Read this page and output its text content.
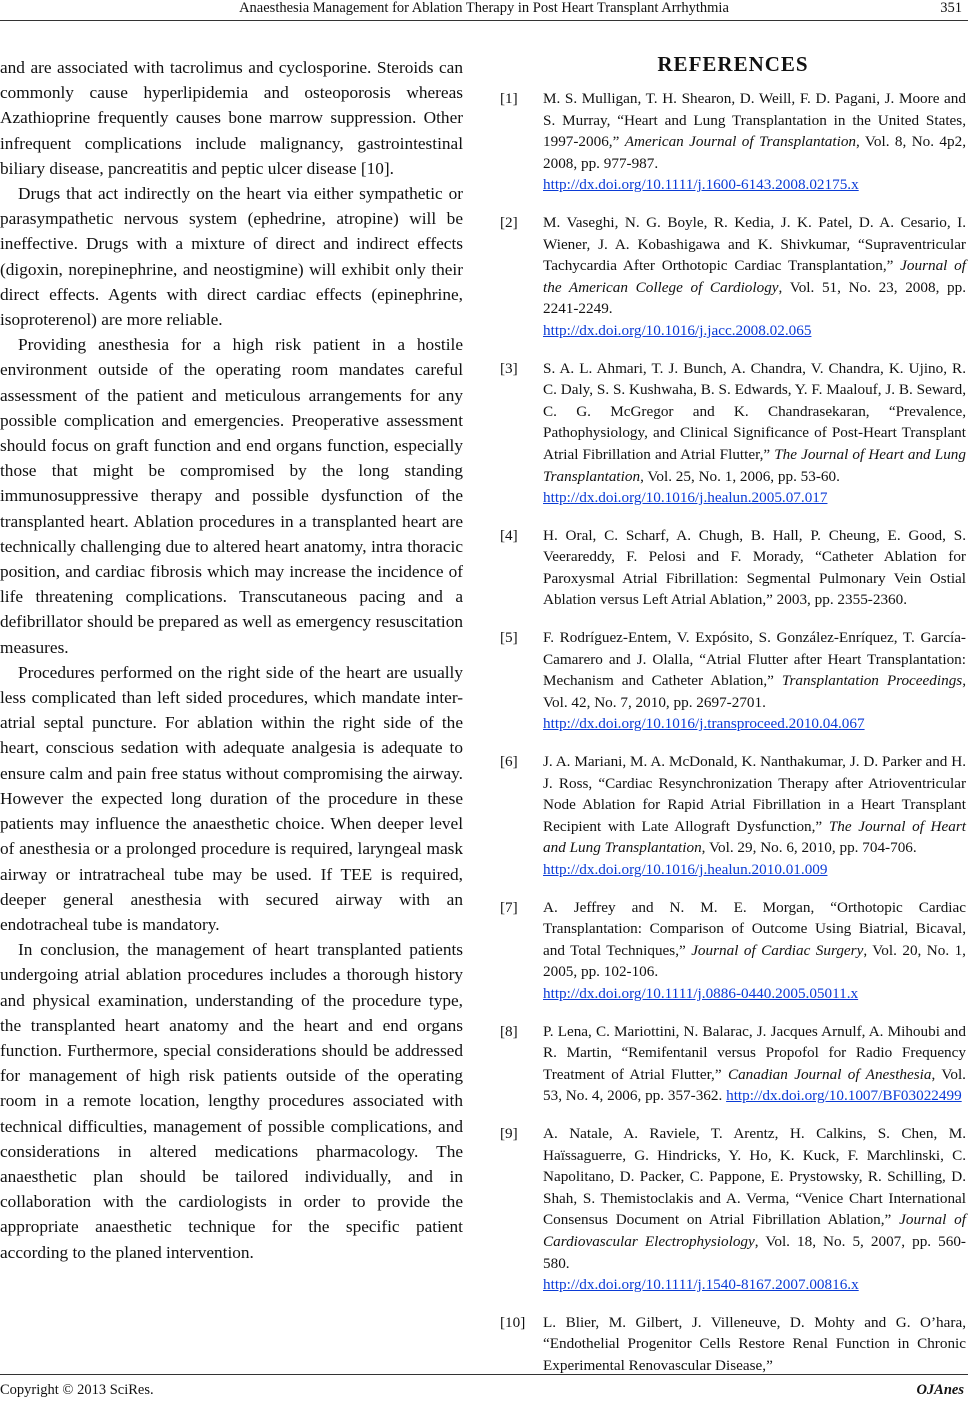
Anaesthesia Management for Ablation Therapy in Post Heart Transplant Arrhythmia	351

and are associated with tacrolimus and cyclosporine. Steroids can commonly cause hyperlipidemia and osteoporosis whereas Azathioprine frequently causes bone marrow suppression. Other infrequent complications include malignancy, gastrointestinal biliary disease, pancreatitis and peptic ulcer disease [10].

Drugs that act indirectly on the heart via either sympathetic or parasympathetic nervous system (ephedrine, atropine) will be ineffective. Drugs with a mixture of direct and indirect effects (digoxin, norepinephrine, and neostigmine) will exhibit only their direct effects. Agents with direct cardiac effects (epinephrine, isoproterenol) are more reliable.

Providing anesthesia for a high risk patient in a hostile environment outside of the operating room mandates careful assessment of the patient and meticulous arrangements for any possible complication and emergencies. Preoperative assessment should focus on graft function and end organs function, especially those that might be compromised by the long standing immunosuppressive therapy and possible dysfunction of the transplanted heart. Ablation procedures in a transplanted heart are technically challenging due to altered heart anatomy, intra thoracic position, and cardiac fibrosis which may increase the incidence of life threatening complications. Transcutaneous pacing and a defibrillator should be prepared as well as emergency resuscitation measures.

Procedures performed on the right side of the heart are usually less complicated than left sided procedures, which mandate inter-atrial septal puncture. For ablation within the right side of the heart, conscious sedation with adequate analgesia is adequate to ensure calm and pain free status without compromising the airway. However the expected long duration of the procedure in these patients may influence the anaesthetic choice. When deeper level of anesthesia or a prolonged procedure is required, laryngeal mask airway or intratracheal tube may be used. If TEE is required, deeper general anesthesia with secured airway with an endotracheal tube is mandatory.

In conclusion, the management of heart transplanted patients undergoing atrial ablation procedures includes a thorough history and physical examination, understanding of the procedure type, the transplanted heart anatomy and the heart and end organs function. Furthermore, special considerations should be addressed for management of high risk patients outside of the operating room in a remote location, lengthy procedures associated with technical difficulties, management of possible complications, and considerations in altered medications pharmacology. The anaesthetic plan should be tailored individually, and in collaboration with the cardiologists in order to provide the appropriate anaesthetic technique for the specific patient according to the planed intervention.

REFERENCES
[1] M. S. Mulligan, T. H. Shearon, D. Weill, F. D. Pagani, J. Moore and S. Murray, “Heart and Lung Transplantation in the United States, 1997-2006,” American Journal of Transplantation, Vol. 8, No. 4p2, 2008, pp. 977-987.
http://dx.doi.org/10.1111/j.1600-6143.2008.02175.x
[2] M. Vaseghi, N. G. Boyle, R. Kedia, J. K. Patel, D. A. Cesario, I. Wiener, J. A. Kobashigawa and K. Shivkumar, “Supraventricular Tachycardia After Orthotopic Cardiac Transplantation,” Journal of the American College of Cardiology, Vol. 51, No. 23, 2008, pp. 2241-2249.
http://dx.doi.org/10.1016/j.jacc.2008.02.065
[3] S. A. L. Ahmari, T. J. Bunch, A. Chandra, V. Chandra, K. Ujino, R. C. Daly, S. S. Kushwaha, B. S. Edwards, Y. F. Maalouf, J. B. Seward, C. G. McGregor and K. Chandrasekaran, “Prevalence, Pathophysiology, and Clinical Significance of Post-Heart Transplant Atrial Fibrillation and Atrial Flutter,” The Journal of Heart and Lung Transplantation, Vol. 25, No. 1, 2006, pp. 53-60.
http://dx.doi.org/10.1016/j.healun.2005.07.017
[4] H. Oral, C. Scharf, A. Chugh, B. Hall, P. Cheung, E. Good, S. Veerareddy, F. Pelosi and F. Morady, “Catheter Ablation for Paroxysmal Atrial Fibrillation: Segmental Pulmonary Vein Ostial Ablation versus Left Atrial Ablation,” 2003, pp. 2355-2360.
[5] F. Rodríguez-Entem, V. Expósito, S. González-Enríquez, T. García-Camarero and J. Olalla, “Atrial Flutter after Heart Transplantation: Mechanism and Catheter Ablation,” Transplantation Proceedings, Vol. 42, No. 7, 2010, pp. 2697-2701.
http://dx.doi.org/10.1016/j.transproceed.2010.04.067
[6] J. A. Mariani, M. A. McDonald, K. Nanthakumar, J. D. Parker and H. J. Ross, “Cardiac Resynchronization Therapy after Atrioventricular Node Ablation for Rapid Atrial Fibrillation in a Heart Transplant Recipient with Late Allograft Dysfunction,” The Journal of Heart and Lung Transplantation, Vol. 29, No. 6, 2010, pp. 704-706.
http://dx.doi.org/10.1016/j.healun.2010.01.009
[7] A. Jeffrey and N. M. E. Morgan, “Orthotopic Cardiac Transplantation: Comparison of Outcome Using Biatrial, Bicaval, and Total Techniques,” Journal of Cardiac Surgery, Vol. 20, No. 1, 2005, pp. 102-106.
http://dx.doi.org/10.1111/j.0886-0440.2005.05011.x
[8] P. Lena, C. Mariottini, N. Balarac, J. Jacques Arnulf, A. Mihoubi and R. Martin, “Remifentanil versus Propofol for Radio Frequency Treatment of Atrial Flutter,” Canadian Journal of Anesthesia, Vol. 53, No. 4, 2006, pp. 357-362. http://dx.doi.org/10.1007/BF03022499
[9] A. Natale, A. Raviele, T. Arentz, H. Calkins, S. Chen, M. Haïssaguerre, G. Hindricks, Y. Ho, K. Kuck, F. Marchlinski, C. Napolitano, D. Packer, C. Pappone, E. Prystowsky, R. Schilling, D. Shah, S. Themistoclakis and A. Verma, “Venice Chart International Consensus Document on Atrial Fibrillation Ablation,” Journal of Cardiovascular Electrophysiology, Vol. 18, No. 5, 2007, pp. 560-580.
http://dx.doi.org/10.1111/j.1540-8167.2007.00816.x
[10] L. Blier, M. Gilbert, J. Villeneuve, D. Mohty and G. O’hara, “Endothelial Progenitor Cells Restore Renal Function in Chronic Experimental Renovascular Disease,”
Copyright © 2013 SciRes.	OJAnes
